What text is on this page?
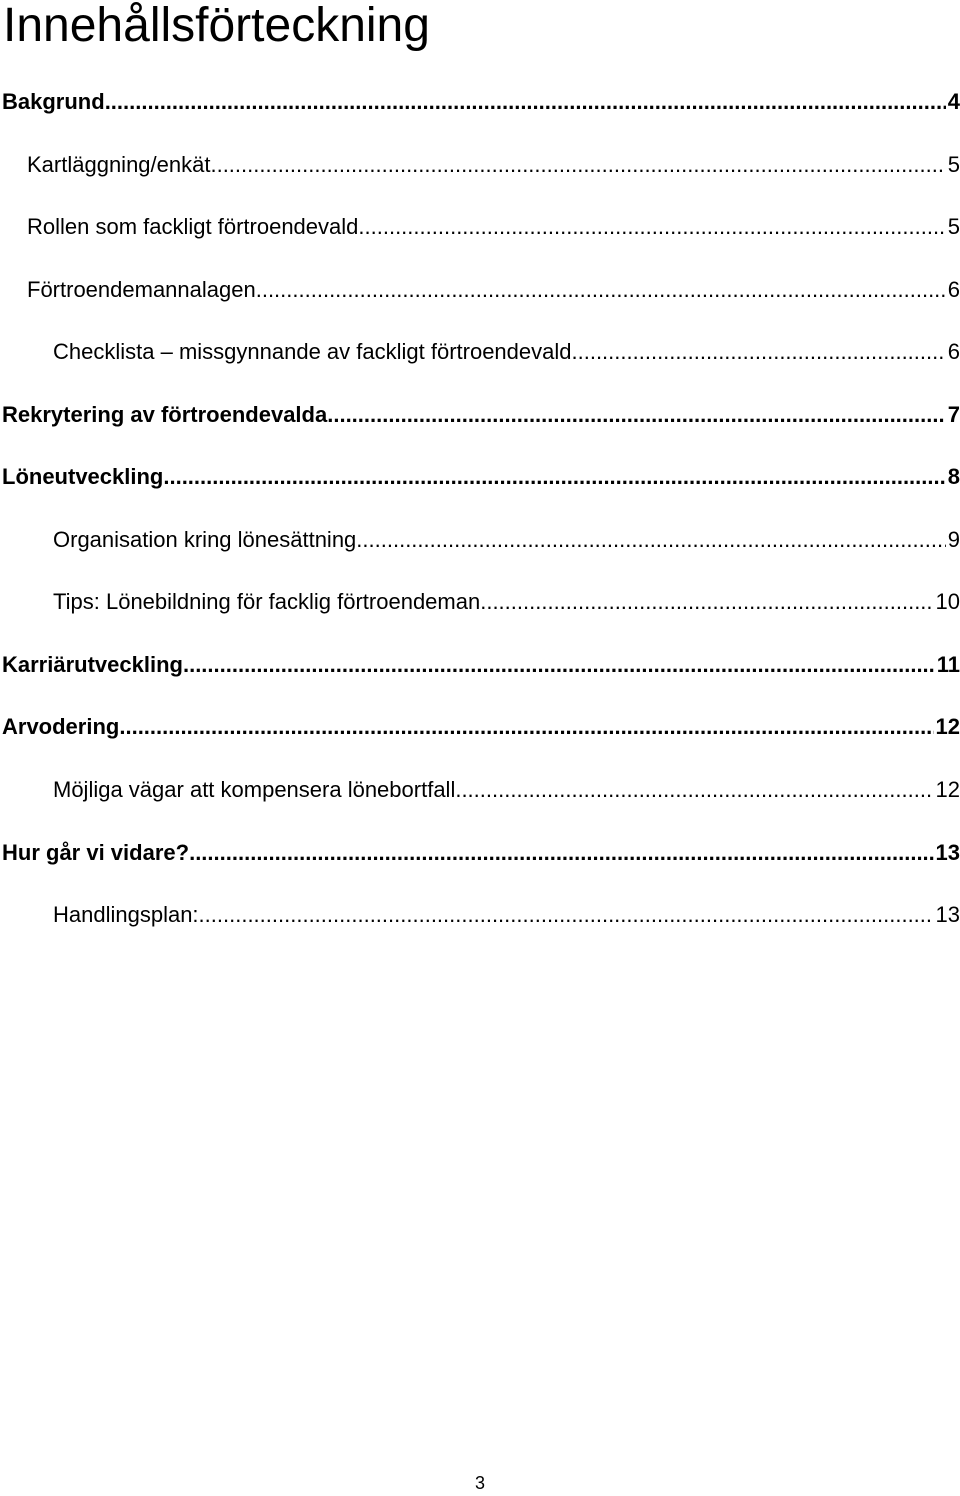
Innehållsförteckning
Bakgrund .....	4
Kartläggning/enkät .....	5
Rollen som fackligt förtroendevald .....	5
Förtroendemannalagen .....	6
Checklista – missgynnande av fackligt förtroendevald .....	6
Rekrytering av förtroendevalda .....	7
Löneutveckling .....	8
Organisation kring lönesättning .....	9
Tips: Lönebildning för facklig förtroendeman .....	10
Karriärutveckling .....	11
Arvodering .....	12
Möjliga vägar att kompensera lönebortfall .....	12
Hur går vi vidare? .....	13
Handlingsplan: .....	13
3
